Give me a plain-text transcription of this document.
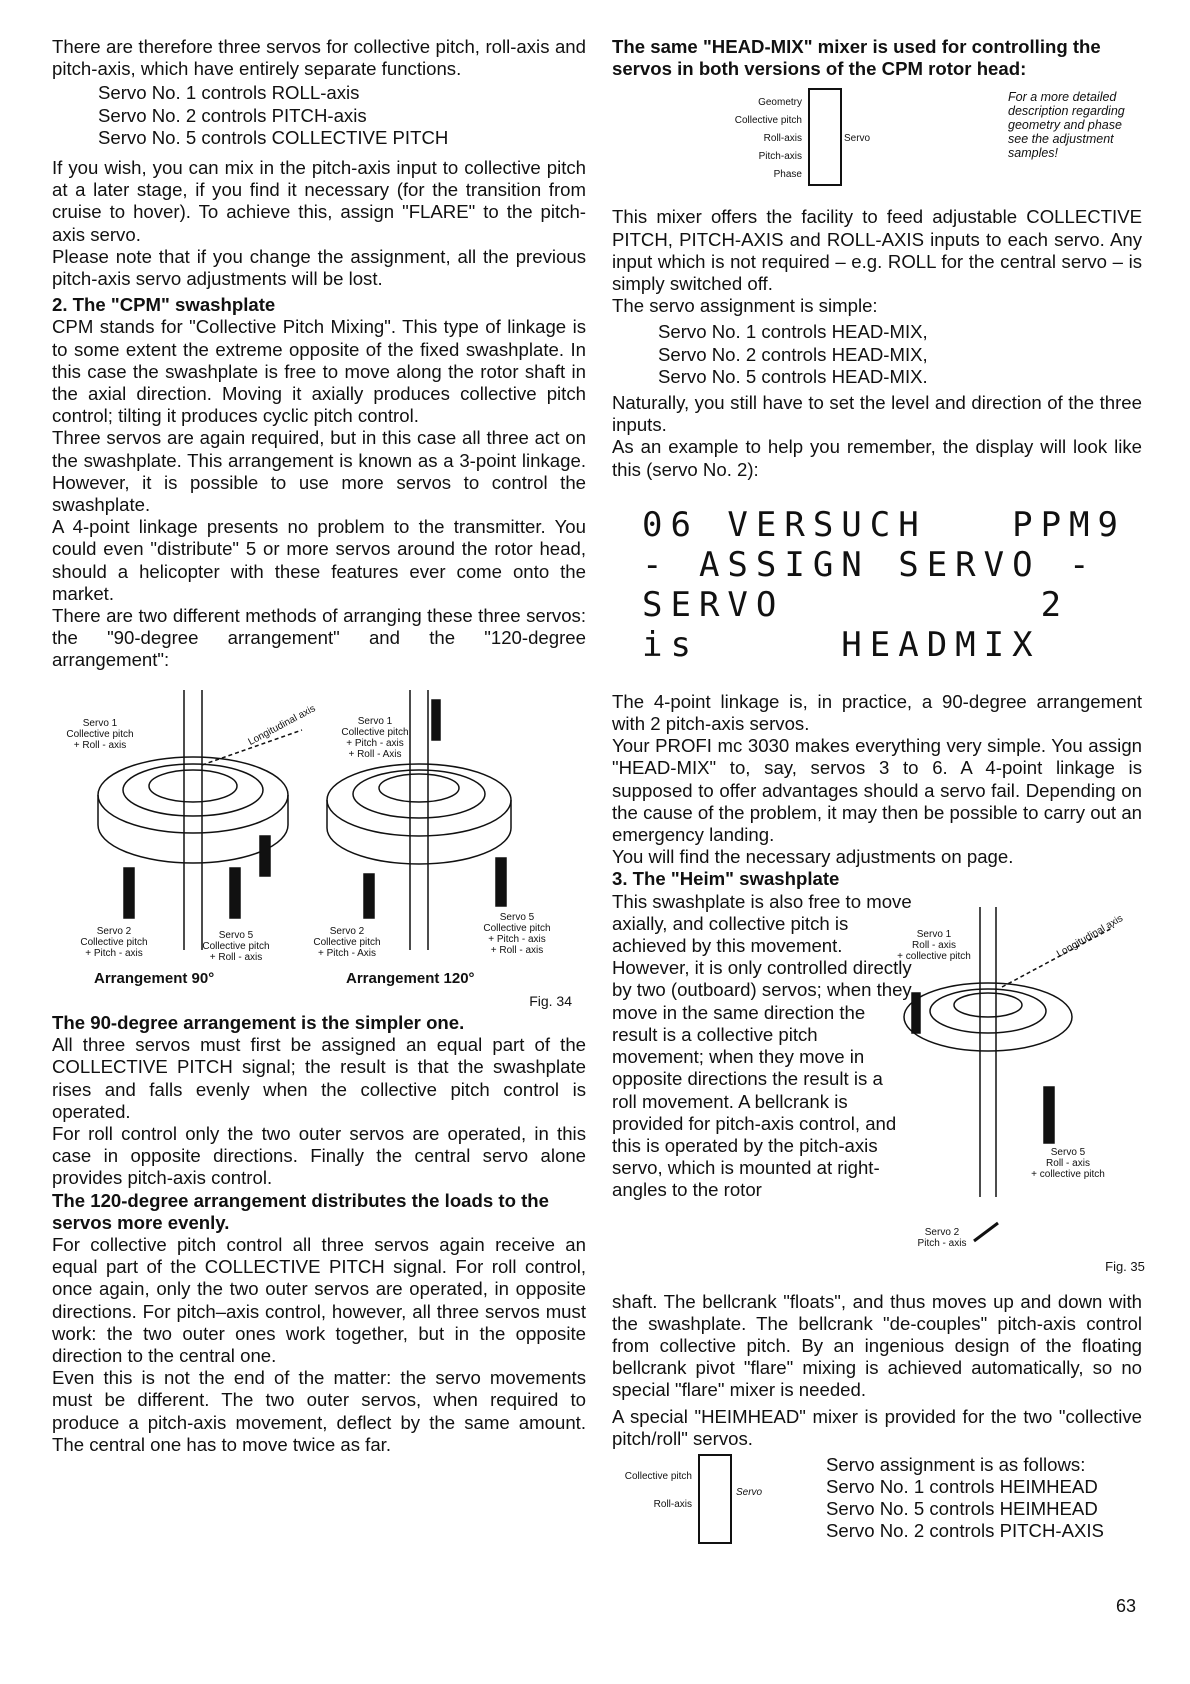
There are therefore three servos for collective pitch, roll-axis and pitch-axis, which have entirely separate functions.

Servo No. 1 controls ROLL-axis
Servo No. 2 controls PITCH-axis
Servo No. 5 controls COLLECTIVE PITCH

If you wish, you can mix in the pitch-axis input to collective pitch at a later stage, if you find it necessary (for the transition from cruise to hover). To achieve this, assign "FLARE" to the pitch-axis servo.

Please note that if you change the assignment, all the previous pitch-axis servo adjustments will be lost.

2. The "CPM" swashplate

CPM stands for "Collective Pitch Mixing". This type of linkage is to some extent the extreme opposite of the fixed swashplate. In this case the swashplate is free to move along the rotor shaft in the axial direction. Moving it axially produces collective pitch control; tilting it produces cyclic pitch control.

Three servos are again required, but in this case all three act on the swashplate. This arrangement is known as a 3-point linkage. However, it is possible to use more servos to control the swashplate.

A 4-point linkage presents no problem to the transmitter. You could even "distribute" 5 or more servos around the rotor head, should a helicopter with these features ever come onto the market.

There are two different methods of arranging these three servos: the "90-degree arrangement" and the "120-degree arrangement":

Servo 1
Collective pitch
+ Roll - axis	Longitudinal axis
Servo 2
Collective pitch
+ Pitch - axis
Servo 5
Collective pitch
+ Roll - axis
Servo 1
Collective pitch
+ Pitch - axis
+ Roll - Axis
Servo 2
Collective pitch
+ Pitch - Axis
Servo 5
Collective pitch
+ Pitch - axis
+ Roll - axis
Arrangement 90°	Arrangement 120°
Fig. 34

The 90-degree arrangement is the simpler one.

All three servos must first be assigned an equal part of the COLLECTIVE PITCH signal; the result is that the swashplate rises and falls evenly when the collective pitch control is operated.

For roll control only the two outer servos are operated, in this case in opposite directions. Finally the central servo alone provides pitch-axis control.

The 120-degree arrangement distributes the loads to the servos more evenly.

For collective pitch control all three servos again receive an equal part of the COLLECTIVE PITCH signal. For roll control, once again, only the two outer servos are operated, in opposite directions. For pitch–axis control, however, all three servos must work: the two outer ones work together, but in the opposite direction to the central one.

Even this is not the end of the matter: the servo movements must be different. The two outer servos, when required to produce a pitch-axis movement, deflect by the same amount. The central one has to move twice as far.

The same "HEAD-MIX" mixer is used for controlling the servos in both versions of the CPM rotor head:

Geometry
Collective pitch
Roll-axis
Pitch-axis
Phase
Servo
For a more detailed description regarding geometry and phase see the adjustment samples!

This mixer offers the facility to feed adjustable COLLECTIVE PITCH, PITCH-AXIS and ROLL-AXIS inputs to each servo. Any input which is not required – e.g. ROLL for the central servo – is simply switched off.

The servo assignment is simple:

Servo No. 1 controls HEAD-MIX,
Servo No. 2 controls HEAD-MIX,
Servo No. 5 controls HEAD-MIX.

Naturally, you still have to set the level and direction of the three inputs.

As an example to help you remember, the display will look like this (servo No. 2):

06 VERSUCH   PPM9
- ASSIGN SERVO -
SERVO         2
is     HEADMIX

The 4-point linkage is, in practice, a 90-degree arrangement with 2 pitch-axis servos.

Your PROFI mc 3030 makes everything very simple. You assign "HEAD-MIX" to, say, servos 3 to 6. A 4-point linkage is supposed to offer advantages should a servo fail. Depending on the cause of the problem, it may then be possible to carry out an emergency landing.

You will find the necessary adjustments on page.

3. The "Heim" swashplate

This swashplate is also free to move axially, and collective pitch is achieved by this movement. However, it is only controlled directly by two (outboard) servos; when they move in the same direction the result is a collective pitch movement; when they move in opposite directions the result is a roll movement. A bellcrank is provided for pitch-axis control, and this is operated by the pitch-axis servo, which is mounted at right-angles to the rotor

Servo 1
Roll - axis
+ collective pitch	Longitudinal axis
Servo 5
Roll - axis
+ collective pitch
Servo 2
Pitch - axis
Fig. 35

shaft. The bellcrank "floats", and thus moves up and down with the swashplate. The bellcrank "de-couples" pitch-axis control from collective pitch. By an ingenious design of the floating bellcrank pivot "flare" mixing is achieved automatically, so no special "flare" mixer is needed.

A special "HEIMHEAD" mixer is provided for the two "collective pitch/roll" servos.

Collective pitch
Roll-axis
Servo
Servo assignment is as follows:
Servo No. 1 controls HEIMHEAD
Servo No. 5 controls HEIMHEAD
Servo No. 2 controls PITCH-AXIS
63
